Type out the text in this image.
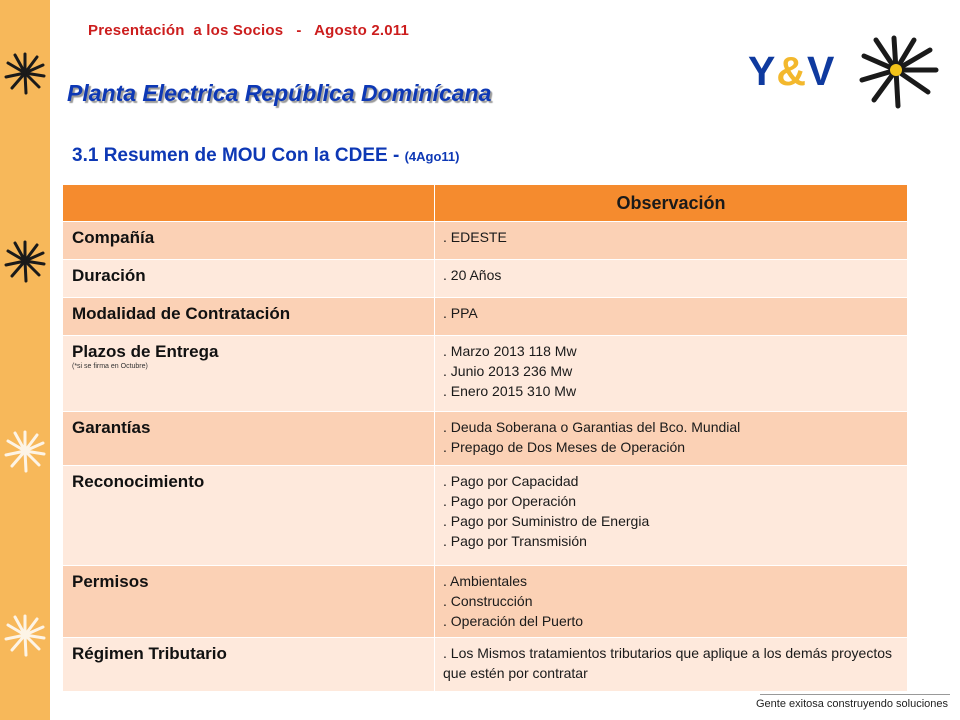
Presentación  a los Socios   -   Agosto 2.011
Planta Electrica República Dominícana	Y&V
3.1 Resumen de MOU Con la CDEE - (4Ago11)
	Observación
Compañía	. EDESTE

Duración	. 20 Años

Modalidad de Contratación	. PPA

Plazos de Entrega
(*si se firma en Octubre)	. Marzo 2013 118 Mw
. Junio 2013 236 Mw
. Enero 2015 310 Mw

Garantías	. Deuda Soberana o Garantias del Bco. Mundial
. Prepago de Dos Meses de Operación

Reconocimiento	. Pago por Capacidad
. Pago por Operación
. Pago por Suministro de Energia
. Pago por Transmisión

Permisos	. Ambientales
. Construcción
. Operación del Puerto

Régimen Tributario	. Los Mismos tratamientos tributarios que aplique a los demás proyectos que estén por contratar
Gente exitosa construyendo soluciones
